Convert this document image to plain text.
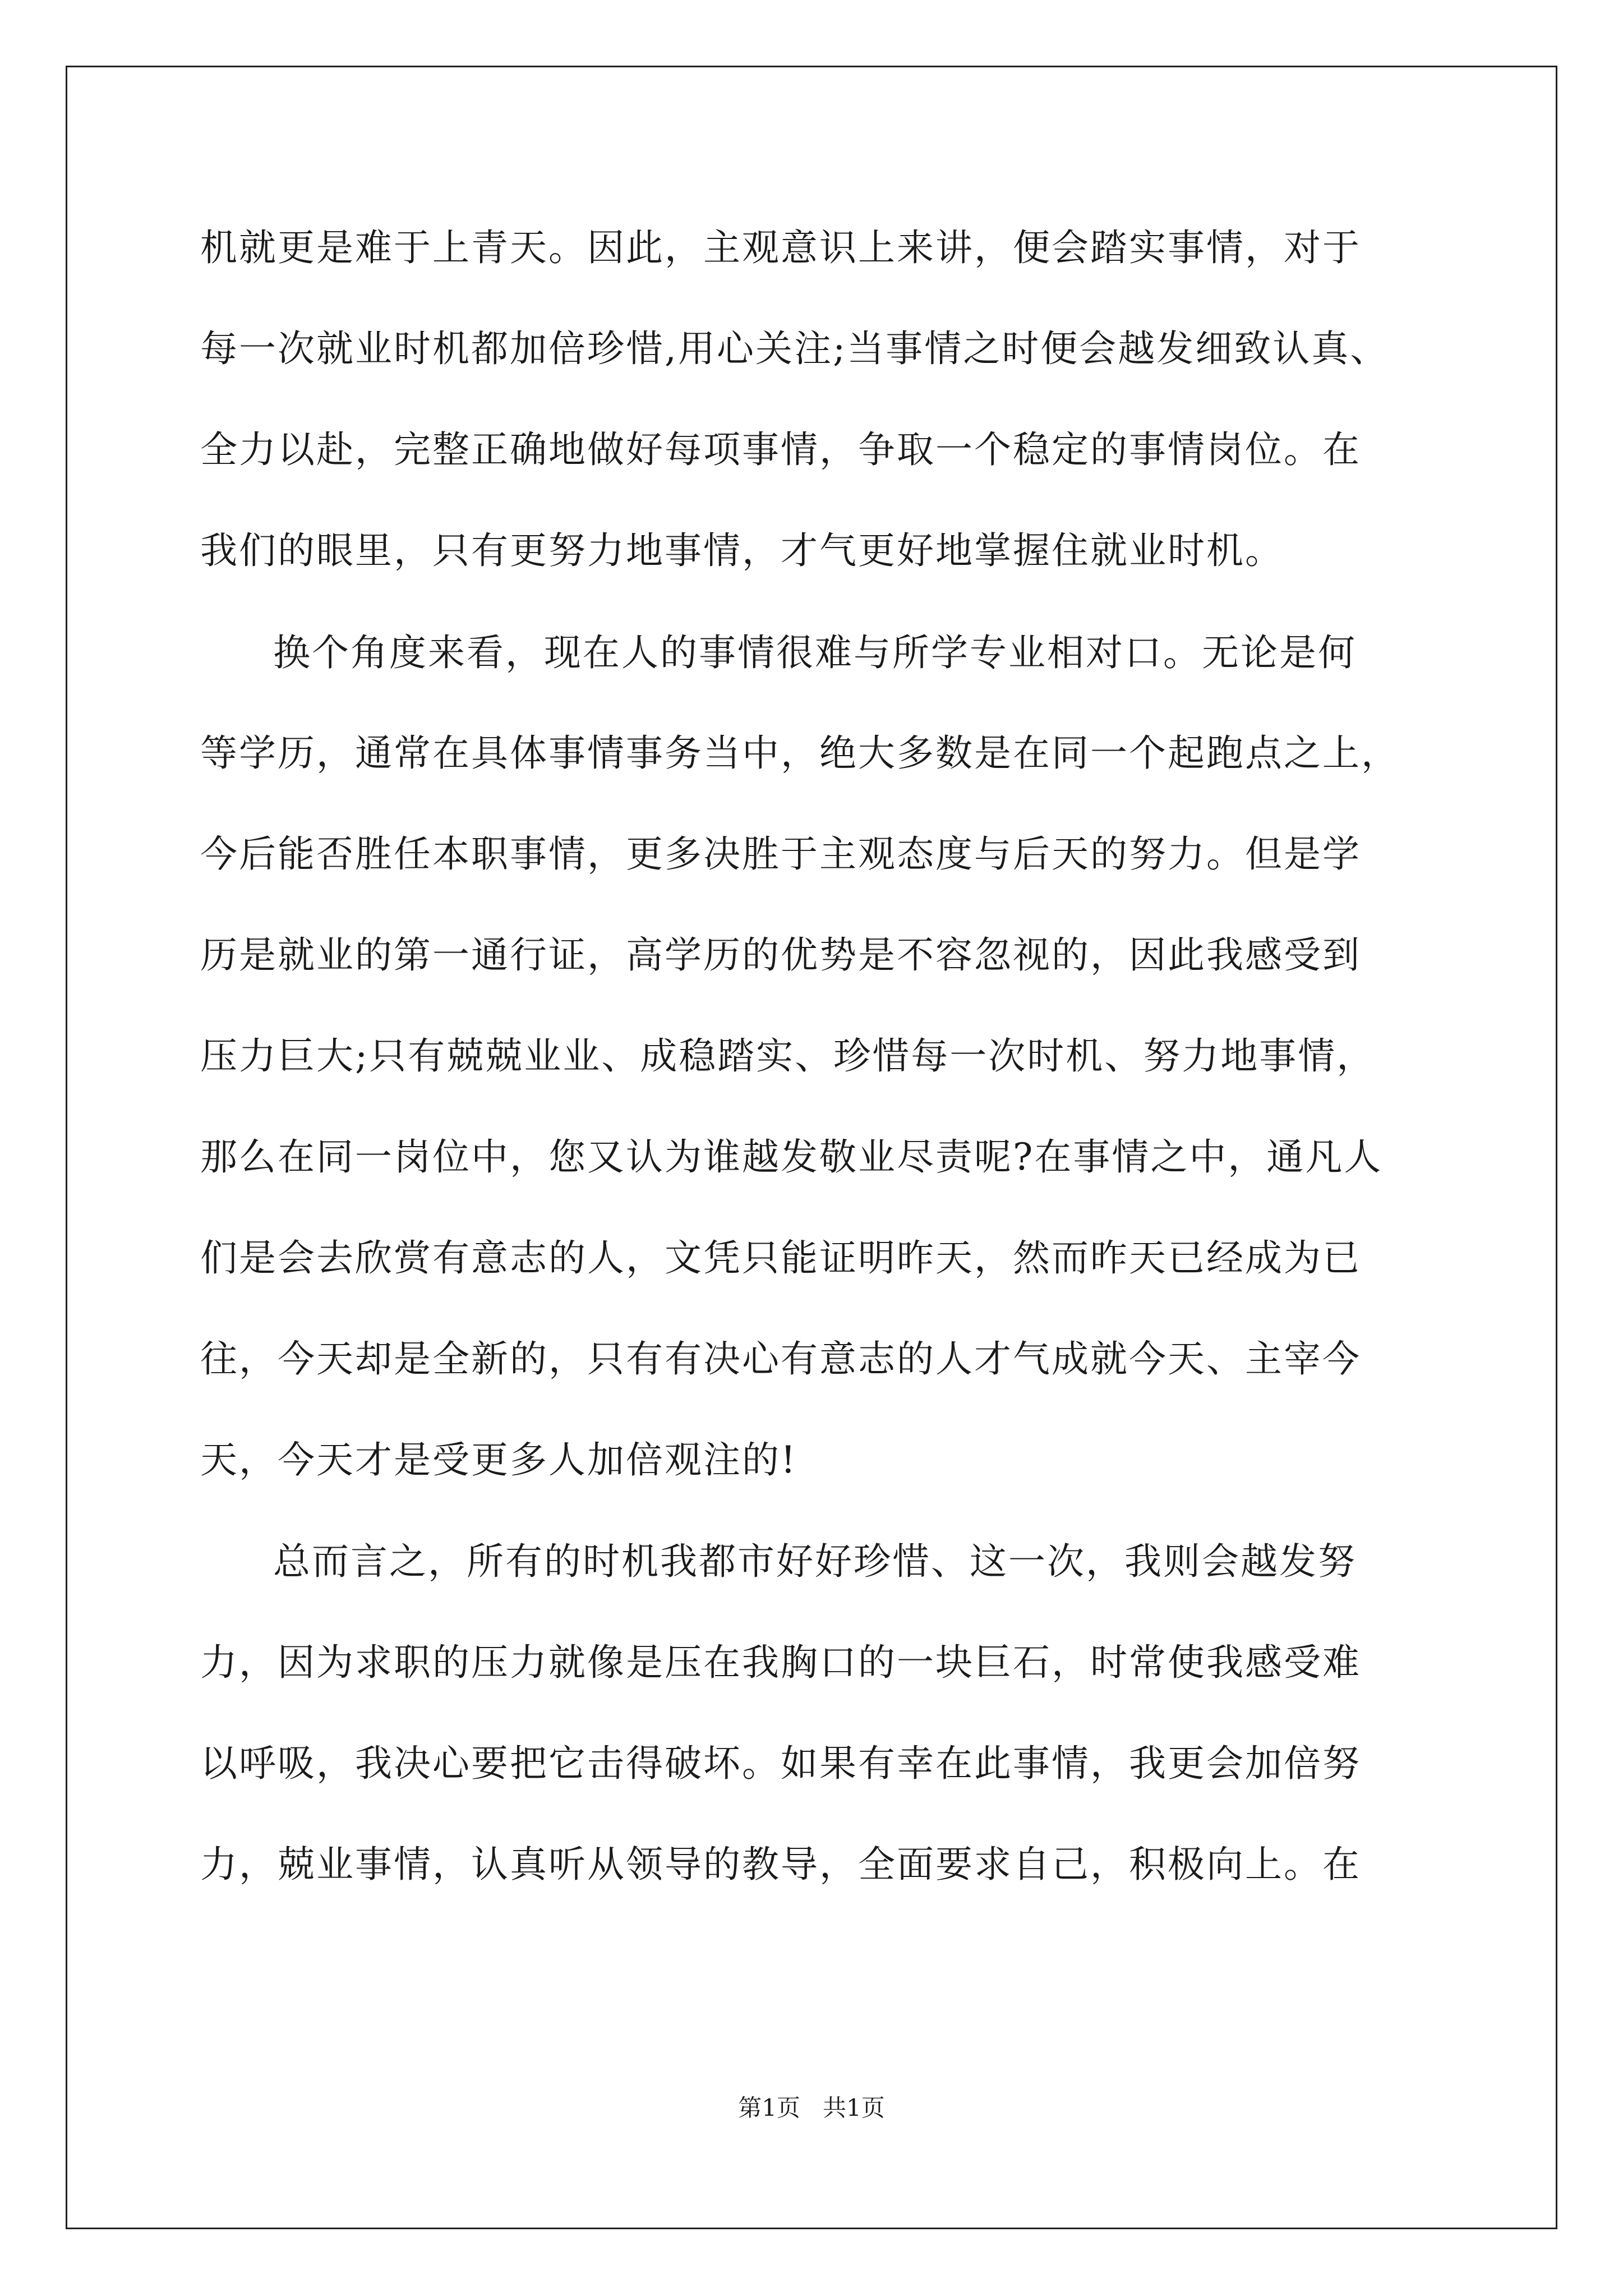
机就更是难于上青天。因此，主观意识上来讲，便会踏实事情，对于
每一次就业时机都加倍珍惜,用心关注;当事情之时便会越发细致认真、
全力以赴，完整正确地做好每项事情，争取一个稳定的事情岗位。在
我们的眼里，只有更努力地事情，才气更好地掌握住就业时机。
换个角度来看，现在人的事情很难与所学专业相对口。无论是何
等学历，通常在具体事情事务当中，绝大多数是在同一个起跑点之上，
今后能否胜任本职事情，更多决胜于主观态度与后天的努力。但是学
历是就业的第一通行证，高学历的优势是不容忽视的，因此我感受到
压力巨大;只有兢兢业业、成稳踏实、珍惜每一次时机、努力地事情，
那么在同一岗位中，您又认为谁越发敬业尽责呢?在事情之中，通凡人
们是会去欣赏有意志的人，文凭只能证明昨天，然而昨天已经成为已
往，今天却是全新的，只有有决心有意志的人才气成就今天、主宰今
天，今天才是受更多人加倍观注的!
总而言之，所有的时机我都市好好珍惜、这一次，我则会越发努
力，因为求职的压力就像是压在我胸口的一块巨石，时常使我感受难
以呼吸，我决心要把它击得破坏。如果有幸在此事情，我更会加倍努
力，兢业事情，认真听从领导的教导，全面要求自己，积极向上。在
第1页   共1页
